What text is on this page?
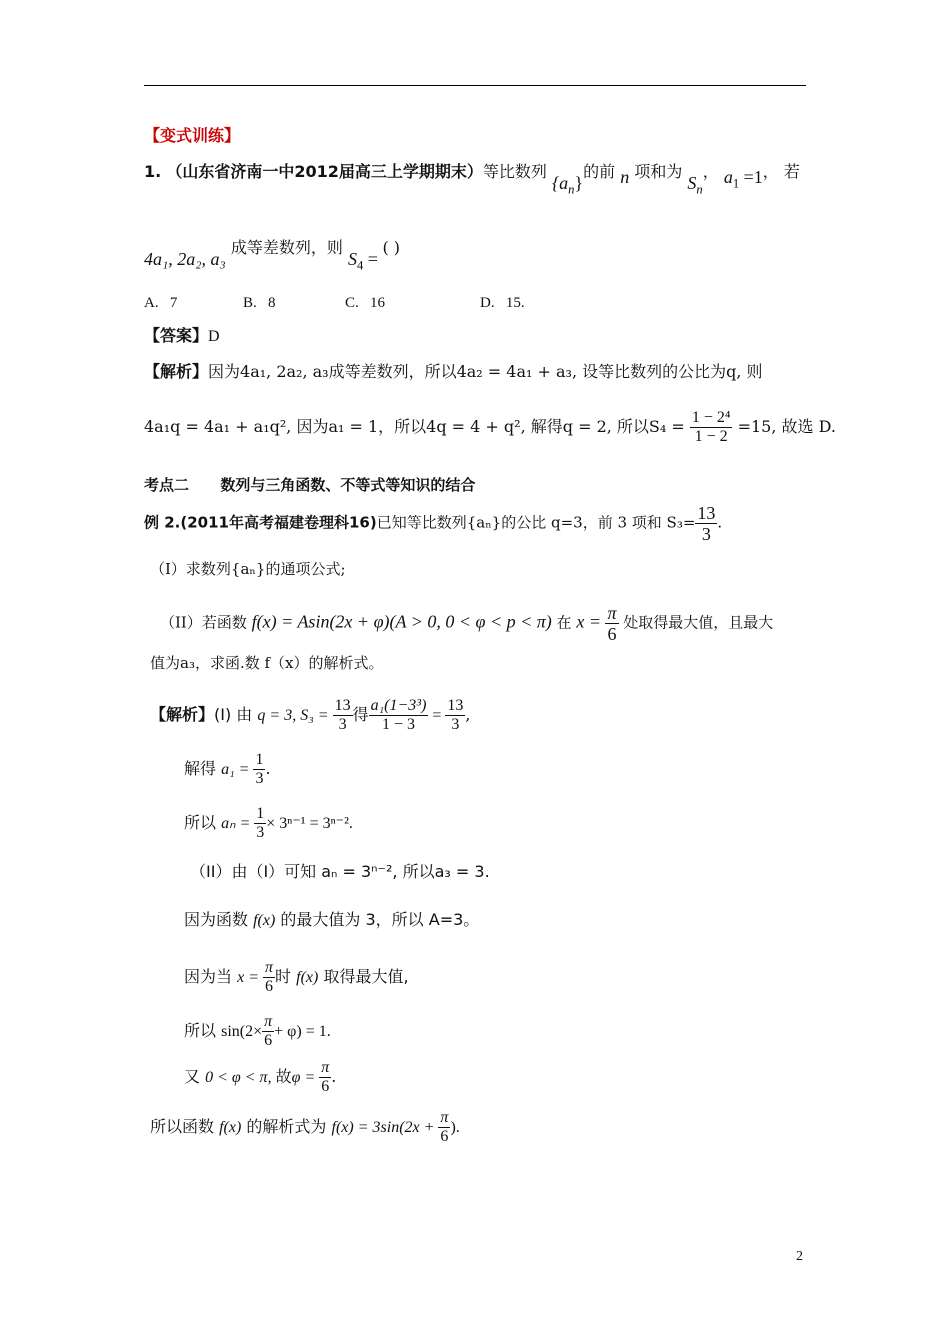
【变式训练】
1. （山东省济南一中2012届高三上学期期末）等比数列 $\{a_n\}$的前 n 项和为 $S_n$， $a_1 =1$， 若
4a₁, 2a₂, a₃ 成等差数列，则 $S_4$ = ( )
A. 7	B. 8	C. 16	D. 15.
【答案】D
【解析】因为4a₁, 2a₂, a₃成等差数列，所以4a₂ = 4a₁ + a₃, 设等比数列的公比为q, 则
4a₁q = 4a₁ + a₁q², 因为a₁ = 1，所以4q = 4 + q², 解得q = 2, 所以$S_4 = \frac{\text{1 − 2⁴}}{1 - 2} =15$, 故选 D.
考点二 数列与三角函数、不等式等知识的结合
例 2.(2011年高考福建卷理科16)已知等比数列{aₙ}的公比 q=3，前 3 项和 $S_3= \frac{13}{3}$ .
（I）求数列{aₙ}的通项公式;
（II）若函数 f(x) = Asin(2x + φ)(A > 0, 0 < φ < p < π) 在 $x = \frac{\pi}{6}$ 处取得最大值，且最大
值为a₃，求函.数 f（x）的解析式。
【解析】(I) 由 q = 3, $S_3 = \frac{13}{3}$ 得 $\frac{\text{a₁(1−3³)}}{1 - 3} = \frac{13}{3}$ ,
解得 $a_1 = \frac{1}{3}$ .
所以 $a_n = \frac{1}{3} \times 3^{n-1} = 3^{n-2}$.
（II）由（I）可知 aₙ = 3ⁿ⁻², 所以a₃ = 3.
因为函数 f(x) 的最大值为 3，所以 A=3。
因为当 $x = \frac{\pi}{6}$ 时 f(x) 取得最大值,
所以 $\sin(2\times \frac{\pi}{6} + \varphi) = 1$.
又 0 < φ < π, 故$\varphi = \frac{\pi}{6}$ .
所以函数 f(x) 的解析式为 $f(x) = 3\sin(2x + \frac{\pi}{6}$ ).
2
